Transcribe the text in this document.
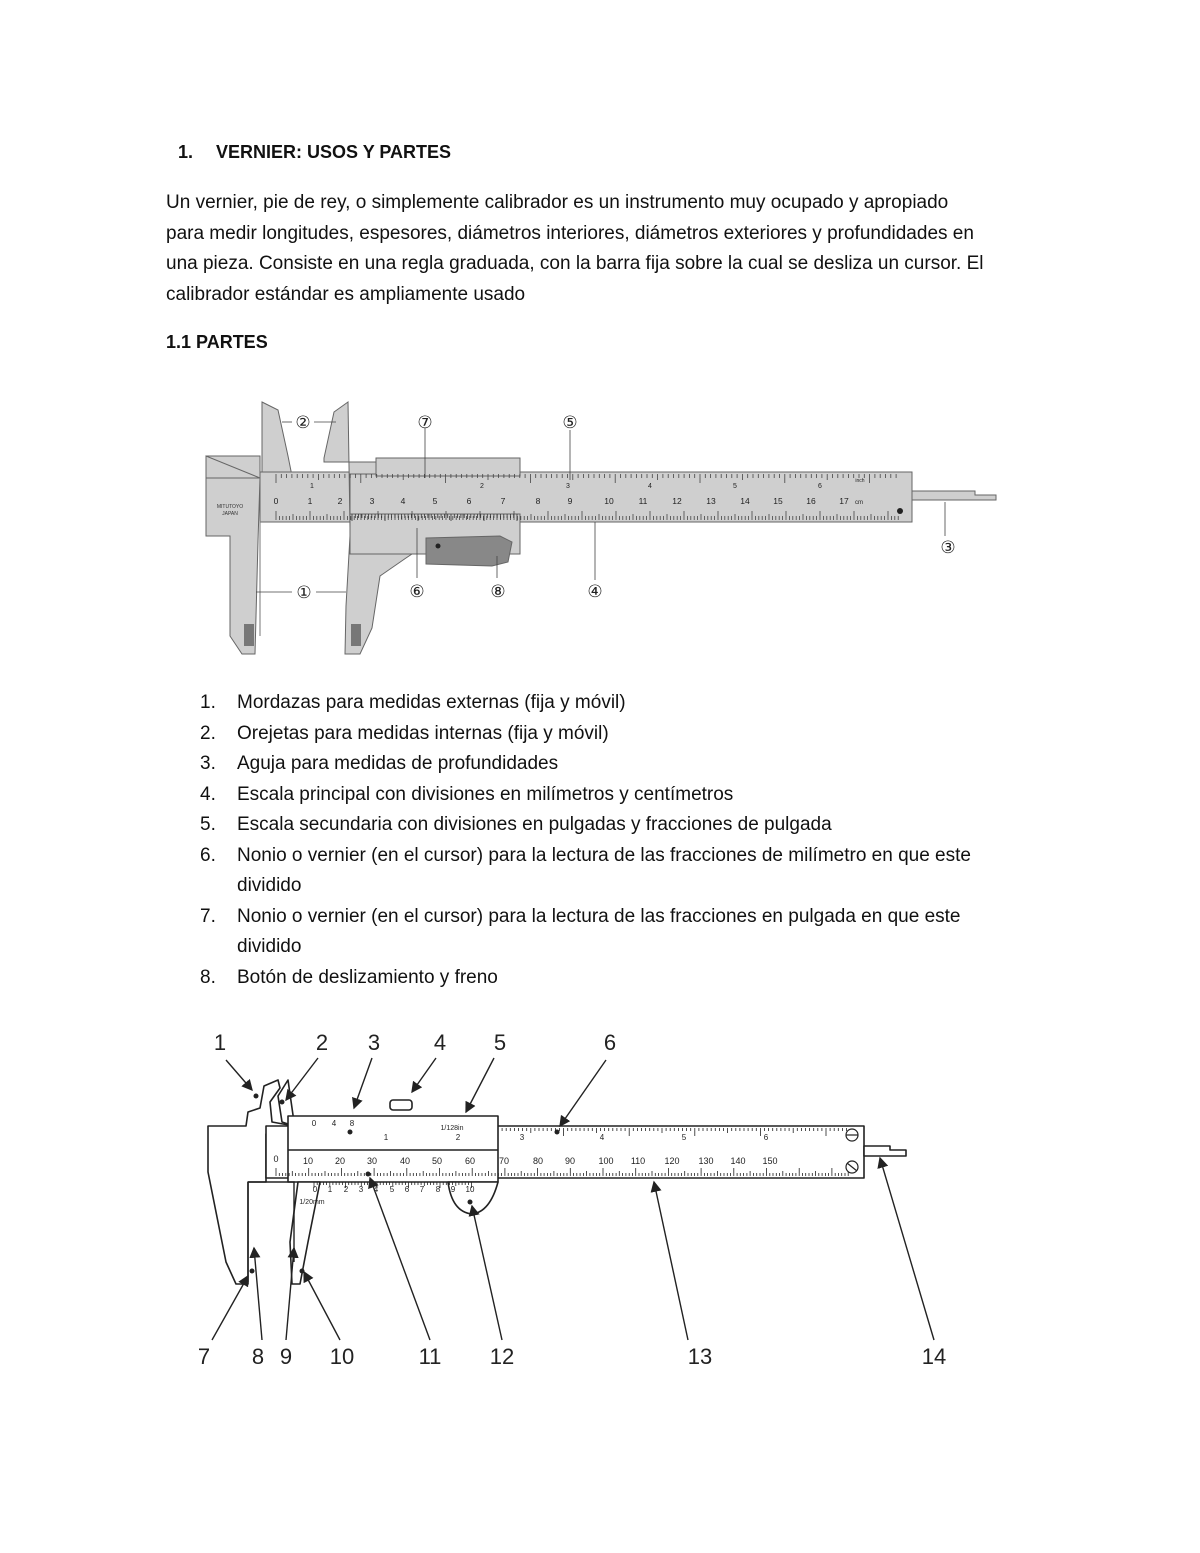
1. VERNIER: USOS Y PARTES
Un vernier, pie de rey, o simplemente calibrador es un instrumento muy ocupado y apropiado
para medir longitudes, espesores, diámetros interiores, diámetros exteriores y profundidades en
una pieza. Consiste en una regla graduada, con la barra fija sobre la cual se desliza un cursor. El
calibrador estándar es ampliamente usado
1.1 PARTES
0	1	2	3	4	5	6	7	8	9	10	11	12	13	14	15	16	17 cm
1	2	3	4	5	6
inch
MITUTOYO
JAPAN
②	⑦	⑤
③
①	⑥	⑧	④
1. Mordazas para medidas externas (fija y móvil)
2. Orejetas para medidas internas (fija y móvil)
3. Aguja para medidas de profundidades
4. Escala principal con divisiones en milímetros y centímetros
5. Escala secundaria con divisiones en pulgadas y fracciones de pulgada
6. Nonio o vernier (en el cursor) para la lectura de las fracciones de milímetro en que este
dividido
7. Nonio o vernier (en el cursor) para la lectura de las fracciones en pulgada en que este
dividido
8. Botón de deslizamiento y freno
0	10 20 30	40 50	60	70	80 90	100 110 120 130 140 150
0 1 2 3 4 5 6 7 8 9 10
1/20mm
0 4 8
1/128in
1	2	3	4	5	6
1	2 3 4 5	6
7 8 9 10	11 12	13	14
